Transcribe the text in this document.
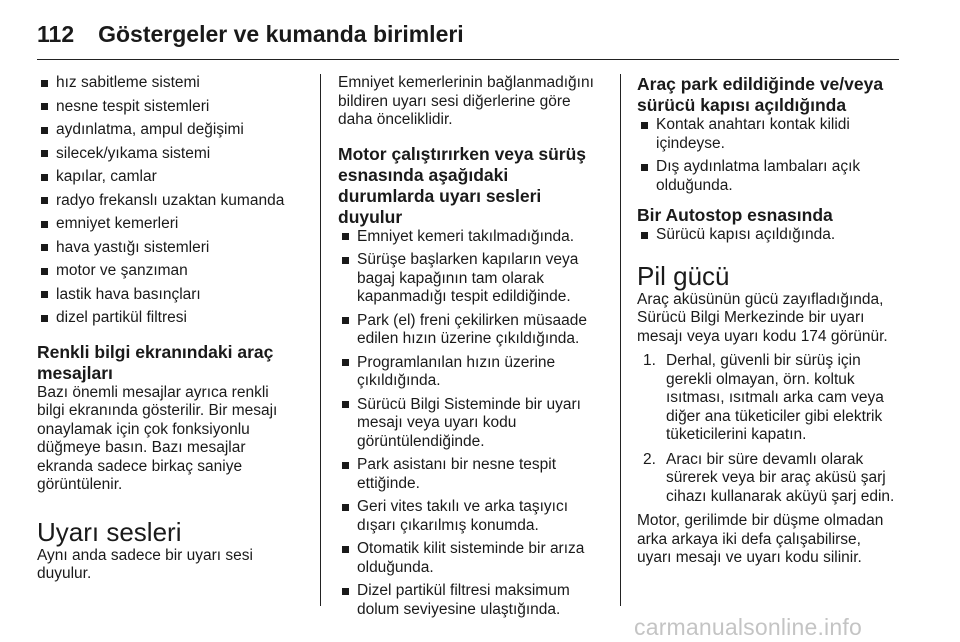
112 Göstergeler ve kumanda birimleri
hız sabitleme sistemi
nesne tespit sistemleri
aydınlatma, ampul değişimi
silecek/yıkama sistemi
kapılar, camlar
radyo frekanslı uzaktan kumanda
emniyet kemerleri
hava yastığı sistemleri
motor ve şanzıman
lastik hava basınçları
dizel partikül filtresi
Renkli bilgi ekranındaki araç
mesajları

Bazı önemli mesajlar ayrıca renkli
bilgi ekranında gösterilir. Bir mesajı
onaylamak için çok fonksiyonlu
düğmeye basın. Bazı mesajlar
ekranda sadece birkaç saniye
görüntülenir.

Uyarı sesleri

Aynı anda sadece bir uyarı sesi
duyulur.

Emniyet kemerlerinin bağlanmadığını
bildiren uyarı sesi diğerlerine göre
daha önceliklidir.

Motor çalıştırırken veya sürüş
esnasında aşağıdaki
durumlarda uyarı sesleri duyulur
Emniyet kemeri takılmadığında.
Sürüşe başlarken kapıların veya
bagaj kapağının tam olarak
kapanmadığı tespit edildiğinde.
Park (el) freni çekilirken müsaade
edilen hızın üzerine çıkıldığında.
Programlanılan hızın üzerine
çıkıldığında.
Sürücü Bilgi Sisteminde bir uyarı
mesajı veya uyarı kodu
görüntülendiğinde.
Park asistanı bir nesne tespit
ettiğinde.
Geri vites takılı ve arka taşıyıcı
dışarı çıkarılmış konumda.
Otomatik kilit sisteminde bir arıza
olduğunda.
Dizel partikül filtresi maksimum
dolum seviyesine ulaştığında.
Araç park edildiğinde ve/veya
sürücü kapısı açıldığında
Kontak anahtarı kontak kilidi
içindeyse.
Dış aydınlatma lambaları açık
olduğunda.
Bir Autostop esnasında
Sürücü kapısı açıldığında.
Pil gücü

Araç aküsünün gücü zayıfladığında,
Sürücü Bilgi Merkezinde bir uyarı
mesajı veya uyarı kodu 174 görünür.

1. Derhal, güvenli bir sürüş için
gerekli olmayan, örn. koltuk
ısıtması, ısıtmalı arka cam veya
diğer ana tüketiciler gibi elektrik
tüketicilerini kapatın.
2. Aracı bir süre devamlı olarak
sürerek veya bir araç aküsü şarj
cihazı kullanarak aküyü şarj edin.

Motor, gerilimde bir düşme olmadan
arka arkaya iki defa çalışabilirse,
uyarı mesajı ve uyarı kodu silinir.

carmanualsonline.info
